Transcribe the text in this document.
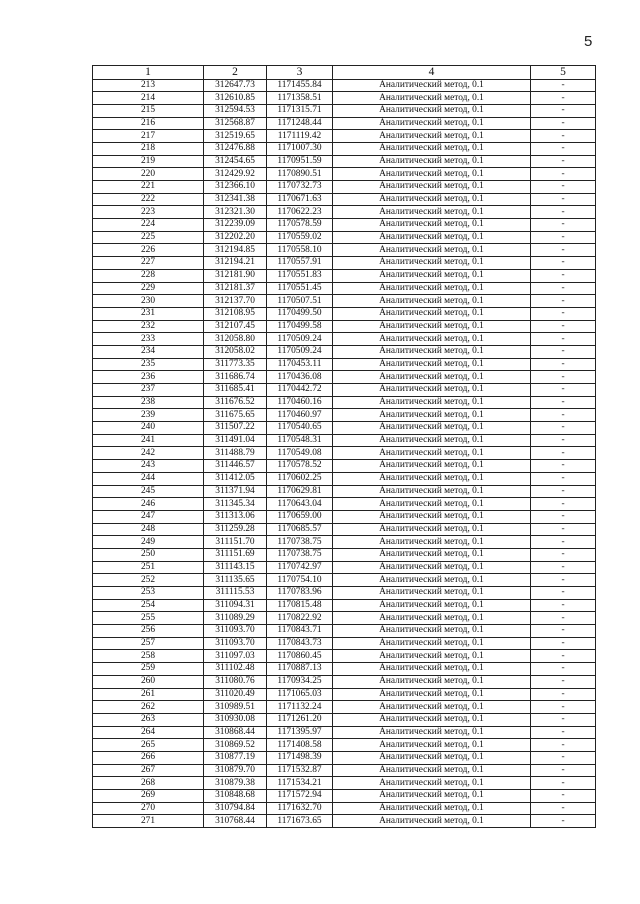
5
1	2	3	4	5
213	312647.73	1171455.84	Аналитический метод, 0.1	-
214	312610.85	1171358.51	Аналитический метод, 0.1	-
215	312594.53	1171315.71	Аналитический метод, 0.1	-
216	312568.87	1171248.44	Аналитический метод, 0.1	-
217	312519.65	1171119.42	Аналитический метод, 0.1	-
218	312476.88	1171007.30	Аналитический метод, 0.1	-
219	312454.65	1170951.59	Аналитический метод, 0.1	-
220	312429.92	1170890.51	Аналитический метод, 0.1	-
221	312366.10	1170732.73	Аналитический метод, 0.1	-
222	312341.38	1170671.63	Аналитический метод, 0.1	-
223	312321.30	1170622.23	Аналитический метод, 0.1	-
224	312239.09	1170578.59	Аналитический метод, 0.1	-
225	312202.20	1170559.02	Аналитический метод, 0.1	-
226	312194.85	1170558.10	Аналитический метод, 0.1	-
227	312194.21	1170557.91	Аналитический метод, 0.1	-
228	312181.90	1170551.83	Аналитический метод, 0.1	-
229	312181.37	1170551.45	Аналитический метод, 0.1	-
230	312137.70	1170507.51	Аналитический метод, 0.1	-
231	312108.95	1170499.50	Аналитический метод, 0.1	-
232	312107.45	1170499.58	Аналитический метод, 0.1	-
233	312058.80	1170509.24	Аналитический метод, 0.1	-
234	312058.02	1170509.24	Аналитический метод, 0.1	-
235	311773.35	1170453.11	Аналитический метод, 0.1	-
236	311686.74	1170436.08	Аналитический метод, 0.1	-
237	311685.41	1170442.72	Аналитический метод, 0.1	-
238	311676.52	1170460.16	Аналитический метод, 0.1	-
239	311675.65	1170460.97	Аналитический метод, 0.1	-
240	311507.22	1170540.65	Аналитический метод, 0.1	-
241	311491.04	1170548.31	Аналитический метод, 0.1	-
242	311488.79	1170549.08	Аналитический метод, 0.1	-
243	311446.57	1170578.52	Аналитический метод, 0.1	-
244	311412.05	1170602.25	Аналитический метод, 0.1	-
245	311371.94	1170629.81	Аналитический метод, 0.1	-
246	311345.34	1170643.04	Аналитический метод, 0.1	-
247	311313.06	1170659.00	Аналитический метод, 0.1	-
248	311259.28	1170685.57	Аналитический метод, 0.1	-
249	311151.70	1170738.75	Аналитический метод, 0.1	-
250	311151.69	1170738.75	Аналитический метод, 0.1	-
251	311143.15	1170742.97	Аналитический метод, 0.1	-
252	311135.65	1170754.10	Аналитический метод, 0.1	-
253	311115.53	1170783.96	Аналитический метод, 0.1	-
254	311094.31	1170815.48	Аналитический метод, 0.1	-
255	311089.29	1170822.92	Аналитический метод, 0.1	-
256	311093.70	1170843.71	Аналитический метод, 0.1	-
257	311093.70	1170843.73	Аналитический метод, 0.1	-
258	311097.03	1170860.45	Аналитический метод, 0.1	-
259	311102.48	1170887.13	Аналитический метод, 0.1	-
260	311080.76	1170934.25	Аналитический метод, 0.1	-
261	311020.49	1171065.03	Аналитический метод, 0.1	-
262	310989.51	1171132.24	Аналитический метод, 0.1	-
263	310930.08	1171261.20	Аналитический метод, 0.1	-
264	310868.44	1171395.97	Аналитический метод, 0.1	-
265	310869.52	1171408.58	Аналитический метод, 0.1	-
266	310877.19	1171498.39	Аналитический метод, 0.1	-
267	310879.70	1171532.87	Аналитический метод, 0.1	-
268	310879.38	1171534.21	Аналитический метод, 0.1	-
269	310848.68	1171572.94	Аналитический метод, 0.1	-
270	310794.84	1171632.70	Аналитический метод, 0.1	-
271	310768.44	1171673.65	Аналитический метод, 0.1	-
